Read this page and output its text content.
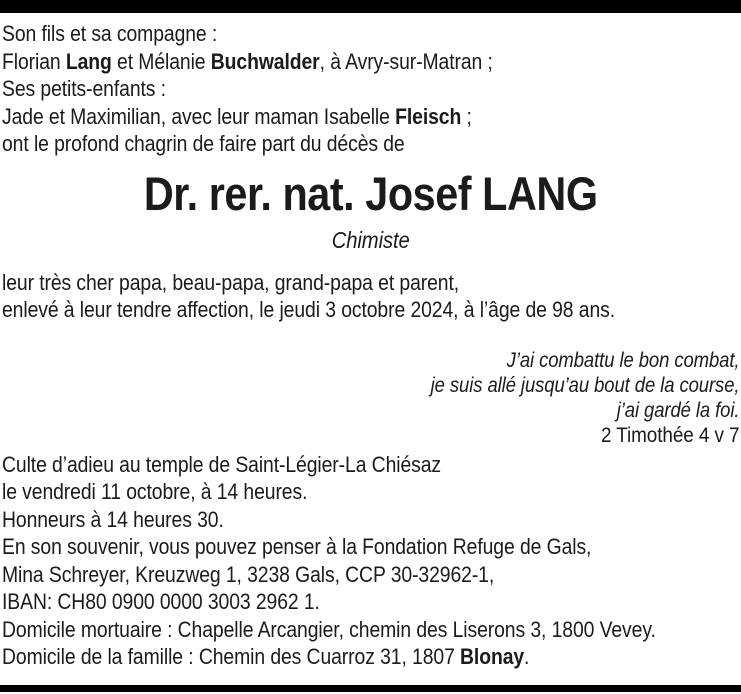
Son fils et sa compagne :
Florian Lang et Mélanie Buchwalder, à Avry-sur-Matran ;
Ses petits-enfants :
Jade et Maximilian, avec leur maman Isabelle Fleisch ;
ont le profond chagrin de faire part du décès de

Dr. rer. nat. Josef LANG
Chimiste

leur très cher papa, beau-papa, grand-papa et parent,
enlevé à leur tendre affection, le jeudi 3 octobre 2024, à l’âge de 98 ans.

J’ai combattu le bon combat,
je suis allé jusqu’au bout de la course,
j’ai gardé la foi.
2 Timothée 4 v 7

Culte d’adieu au temple de Saint-Légier-La Chiésaz
le vendredi 11 octobre, à 14 heures.
Honneurs à 14 heures 30.
En son souvenir, vous pouvez penser à la Fondation Refuge de Gals,
Mina Schreyer, Kreuzweg 1, 3238 Gals, CCP 30-32962-1,
IBAN: CH80 0900 0000 3003 2962 1.
Domicile mortuaire : Chapelle Arcangier, chemin des Liserons 3, 1800 Vevey.
Domicile de la famille : Chemin des Cuarroz 31, 1807 Blonay.
